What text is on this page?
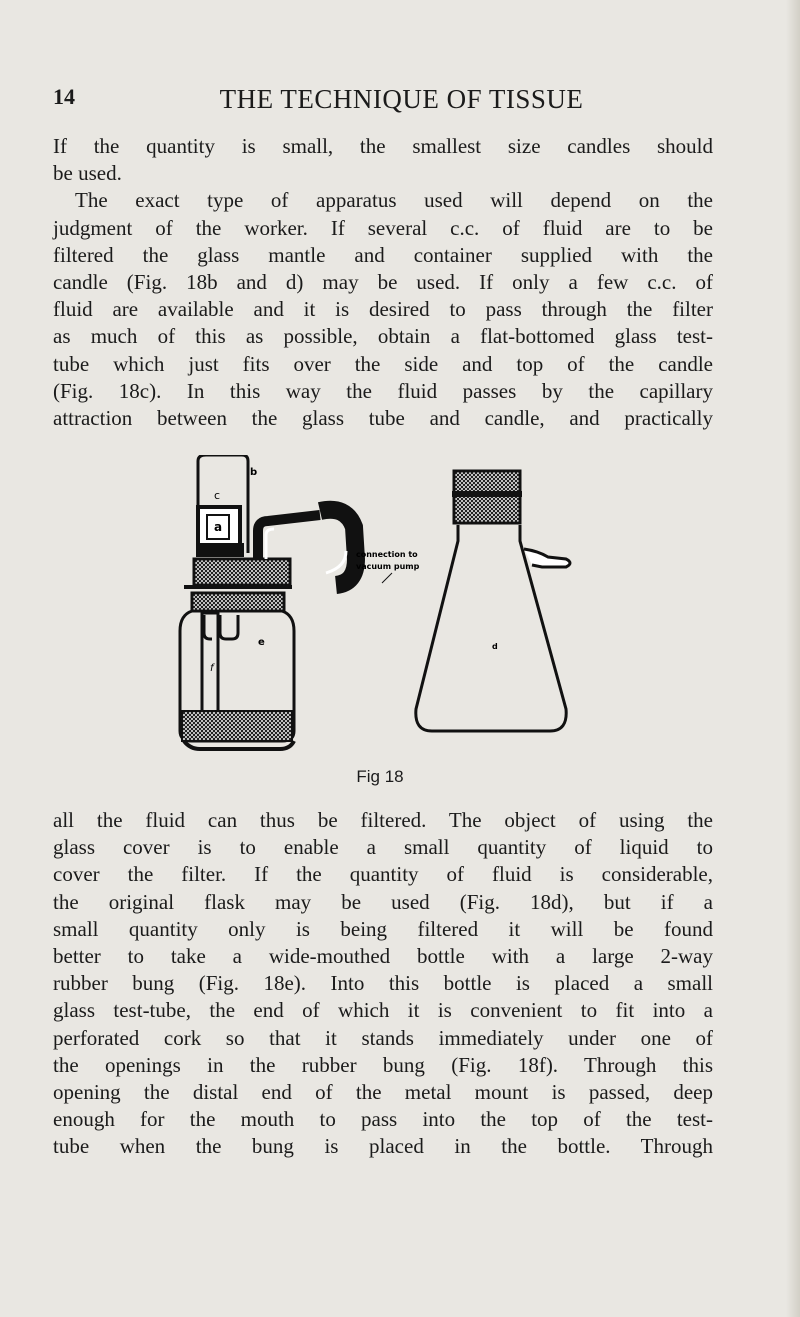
14	THE TECHNIQUE OF TISSUE
If the quantity is small, the smallest size candles should
be used.
The exact type of apparatus used will depend on the
judgment of the worker. If several c.c. of fluid are to be
filtered the glass mantle and container supplied with the
candle (Fig. 18b and d) may be used. If only a few c.c. of
fluid are available and it is desired to pass through the filter
as much of this as possible, obtain a flat-bottomed glass test-
tube which just fits over the side and top of the candle
(Fig. 18c). In this way the fluid passes by the capillary
attraction between the glass tube and candle, and practically
c
a
b
e
f
d
connection to
vacuum pump
Fig 18
all the fluid can thus be filtered. The object of using the
glass cover is to enable a small quantity of liquid to
cover the filter. If the quantity of fluid is considerable,
the original flask may be used (Fig. 18d), but if a
small quantity only is being filtered it will be found
better to take a wide-mouthed bottle with a large 2-way
rubber bung (Fig. 18e). Into this bottle is placed a small
glass test-tube, the end of which it is convenient to fit into a
perforated cork so that it stands immediately under one of
the openings in the rubber bung (Fig. 18f). Through this
opening the distal end of the metal mount is passed, deep
enough for the mouth to pass into the top of the test-
tube when the bung is placed in the bottle. Through
